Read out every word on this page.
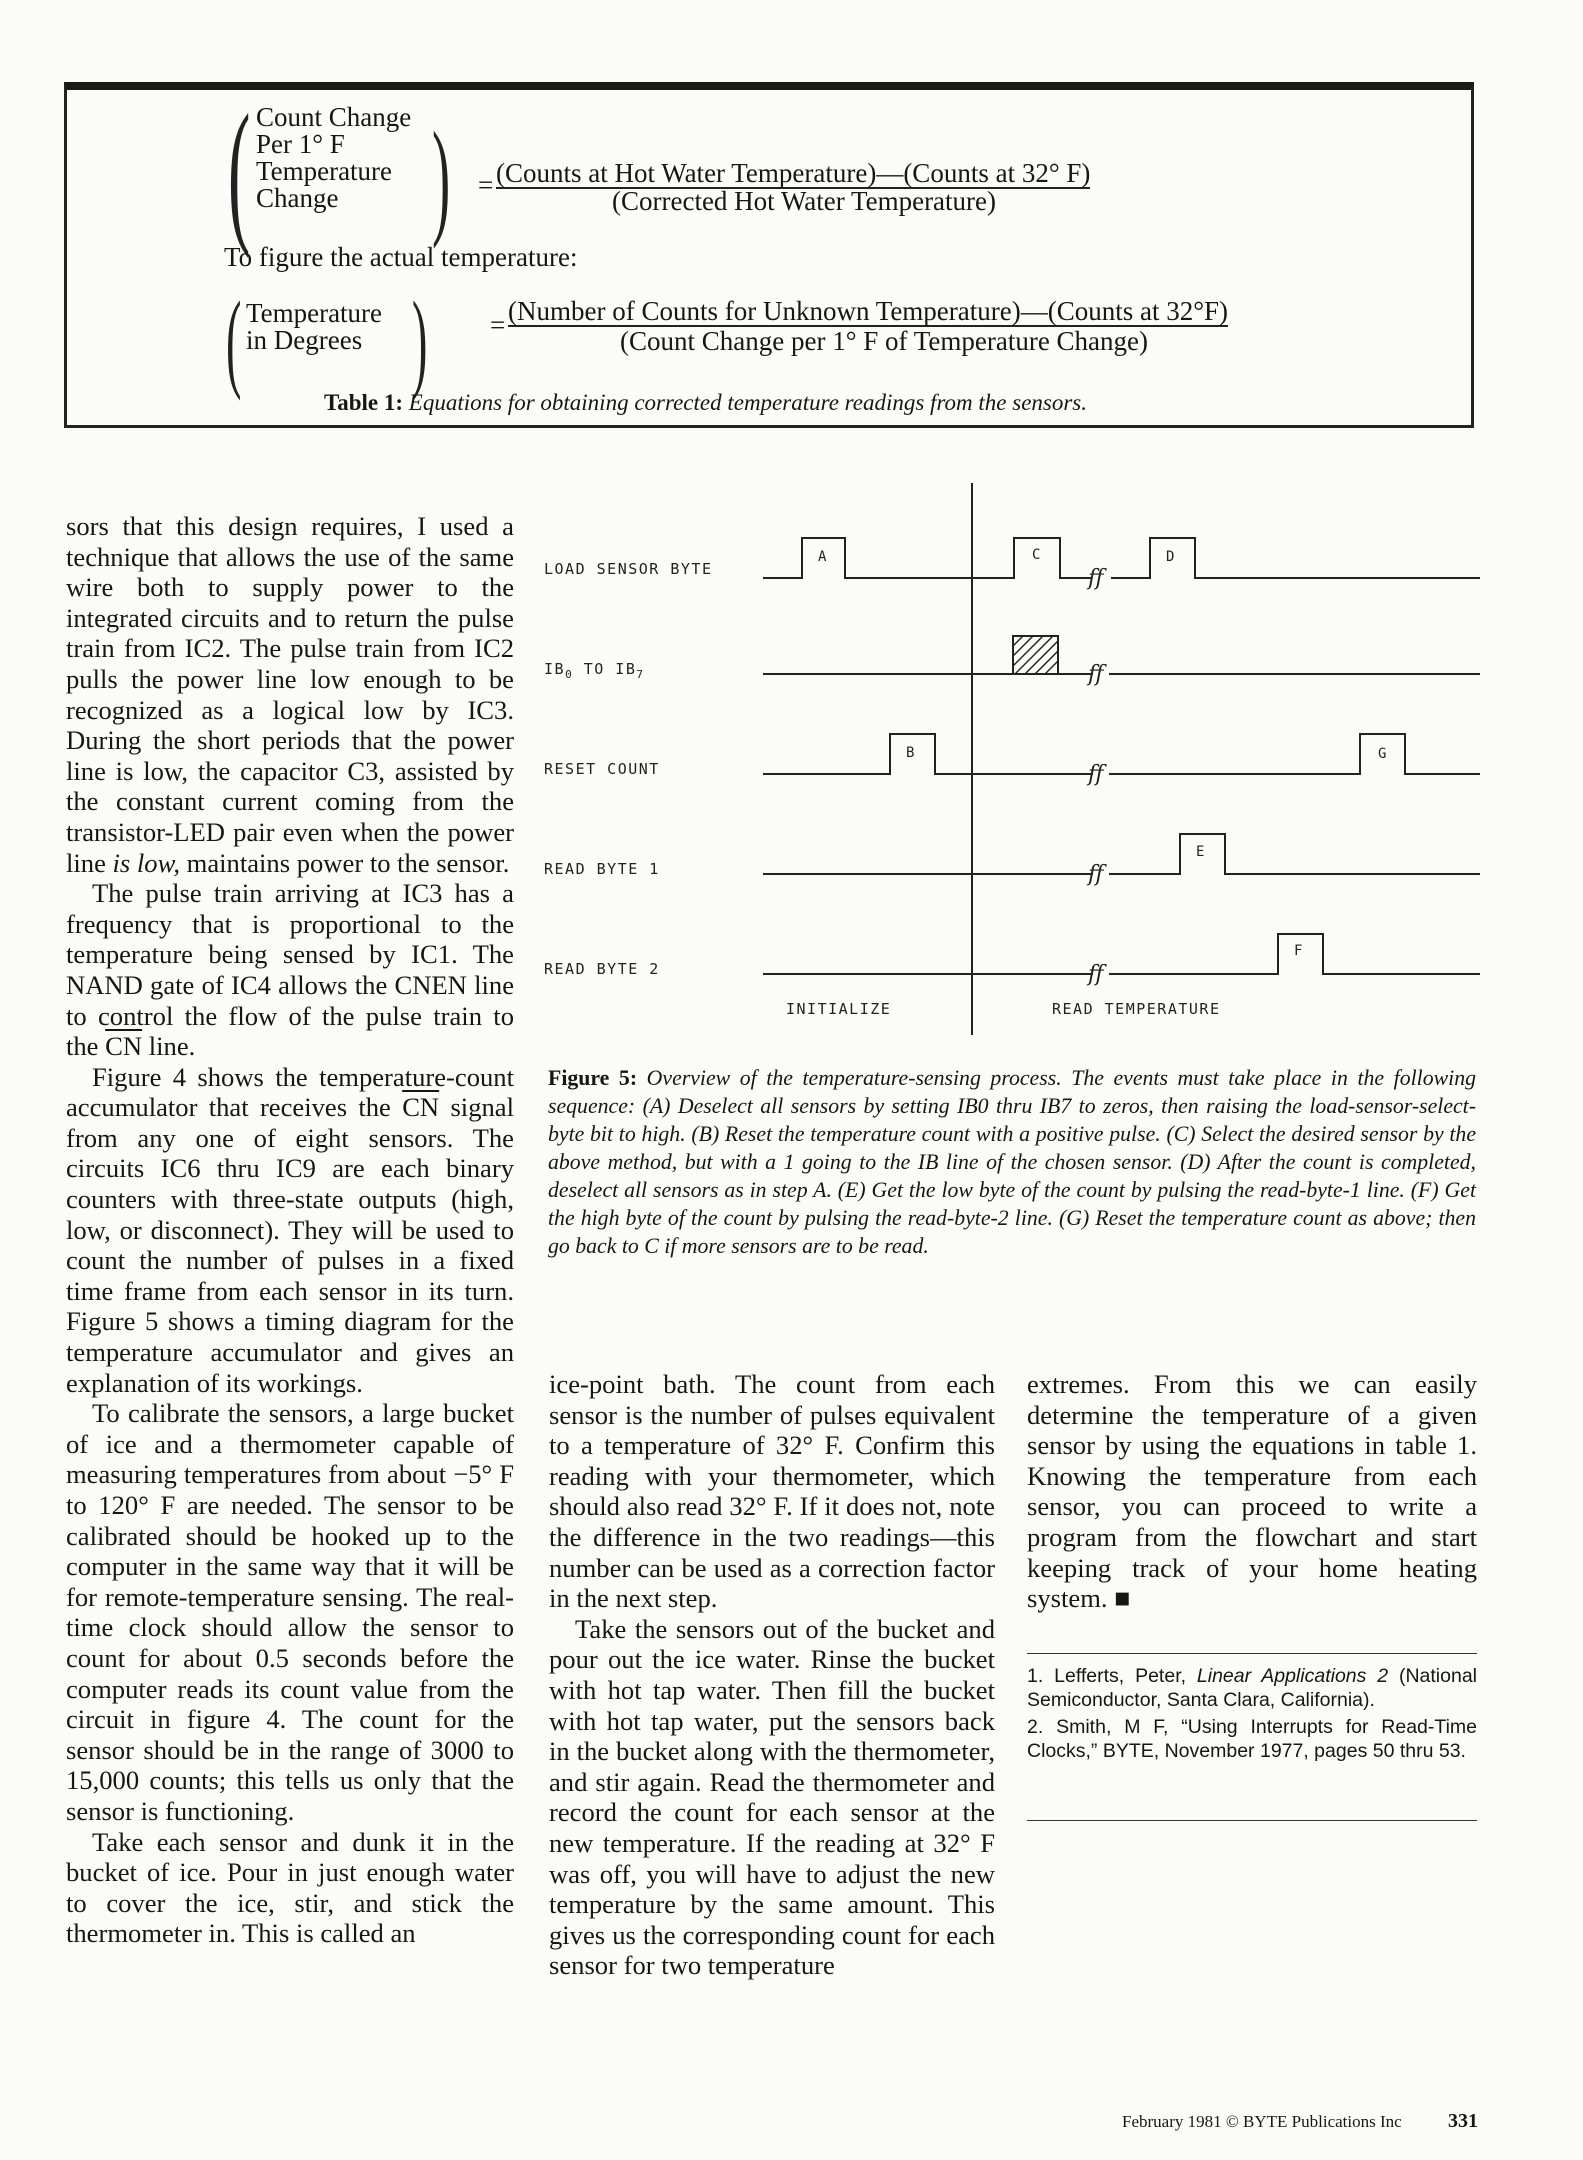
( Count Change
Per 1° F
Temperature
Change ) = (Counts at Hot Water Temperature)—(Counts at 32° F)
(Corrected Hot Water Temperature)
To figure the actual temperature:
( Temperature
in Degrees ) = (Number of Counts for Unknown Temperature)—(Counts at 32°F)
(Count Change per 1° F of Temperature Change)
Table 1: Equations for obtaining corrected temperature readings from the sensors.

sors that this design requires, I used a technique that allows the use of the same wire both to supply power to the integrated circuits and to return the pulse train from IC2. The pulse train from IC2 pulls the power line low enough to be recognized as a logical low by IC3. During the short periods that the power line is low, the capacitor C3, assisted by the constant current coming from the transistor-LED pair even when the power line is low, maintains power to the sensor.

The pulse train arriving at IC3 has a frequency that is proportional to the temperature being sensed by IC1. The NAND gate of IC4 allows the CNEN line to control the flow of the pulse train to the $\overline{CN}$ line.

Figure 4 shows the temperature-count accumulator that receives the $\overline{CN}$ signal from any one of eight sensors. The circuits IC6 thru IC9 are each binary counters with three-state outputs (high, low, or disconnect). They will be used to count the number of pulses in a fixed time frame from each sensor in its turn. Figure 5 shows a timing diagram for the temperature accumulator and gives an explanation of its workings.

To calibrate the sensors, a large bucket of ice and a thermometer capable of measuring temperatures from about −5° F to 120° F are needed. The sensor to be calibrated should be hooked up to the computer in the same way that it will be for remote-temperature sensing. The real-time clock should allow the sensor to count for about 0.5 seconds before the computer reads its count value from the circuit in figure 4. The count for the sensor should be in the range of 3000 to 15,000 counts; this tells us only that the sensor is functioning.

Take each sensor and dunk it in the bucket of ice. Pour in just enough water to cover the ice, stir, and stick the thermometer in. This is called an

LOAD SENSOR BYTE
$IB_0$ TO $IB_7$
RESET COUNT
READ BYTE 1
READ BYTE 2
A
B
C	D
E
F
G
ff
ff
ff
ff
ff
INITIALIZE	READ TEMPERATURE
Figure 5: Overview of the temperature-sensing process. The events must take place in the following sequence: (A) Deselect all sensors by setting IB0 thru IB7 to zeros, then raising the load-sensor-select-byte bit to high. (B) Reset the temperature count with a positive pulse. (C) Select the desired sensor by the above method, but with a 1 going to the IB line of the chosen sensor. (D) After the count is completed, deselect all sensors as in step A. (E) Get the low byte of the count by pulsing the read-byte-1 line. (F) Get the high byte of the count by pulsing the read-byte-2 line. (G) Reset the temperature count as above; then go back to C if more sensors are to be read.

ice-point bath. The count from each sensor is the number of pulses equivalent to a temperature of 32° F. Confirm this reading with your thermometer, which should also read 32° F. If it does not, note the difference in the two readings—this number can be used as a correction factor in the next step.

Take the sensors out of the bucket and pour out the ice water. Rinse the bucket with hot tap water. Then fill the bucket with hot tap water, put the sensors back in the bucket along with the thermometer, and stir again. Read the thermometer and record the count for each sensor at the new temperature. If the reading at 32° F was off, you will have to adjust the new temperature by the same amount. This gives us the corresponding count for each sensor for two temperature

extremes. From this we can easily determine the temperature of a given sensor by using the equations in table 1. Knowing the temperature from each sensor, you can proceed to write a program from the flowchart and start keeping track of your home heating system. ■

1. Lefferts, Peter, Linear Applications 2 (National Semiconductor, Santa Clara, California).

2. Smith, M F, “Using Interrupts for Read-Time Clocks,” BYTE, November 1977, pages 50 thru 53.

February 1981 © BYTE Publications Inc 331
